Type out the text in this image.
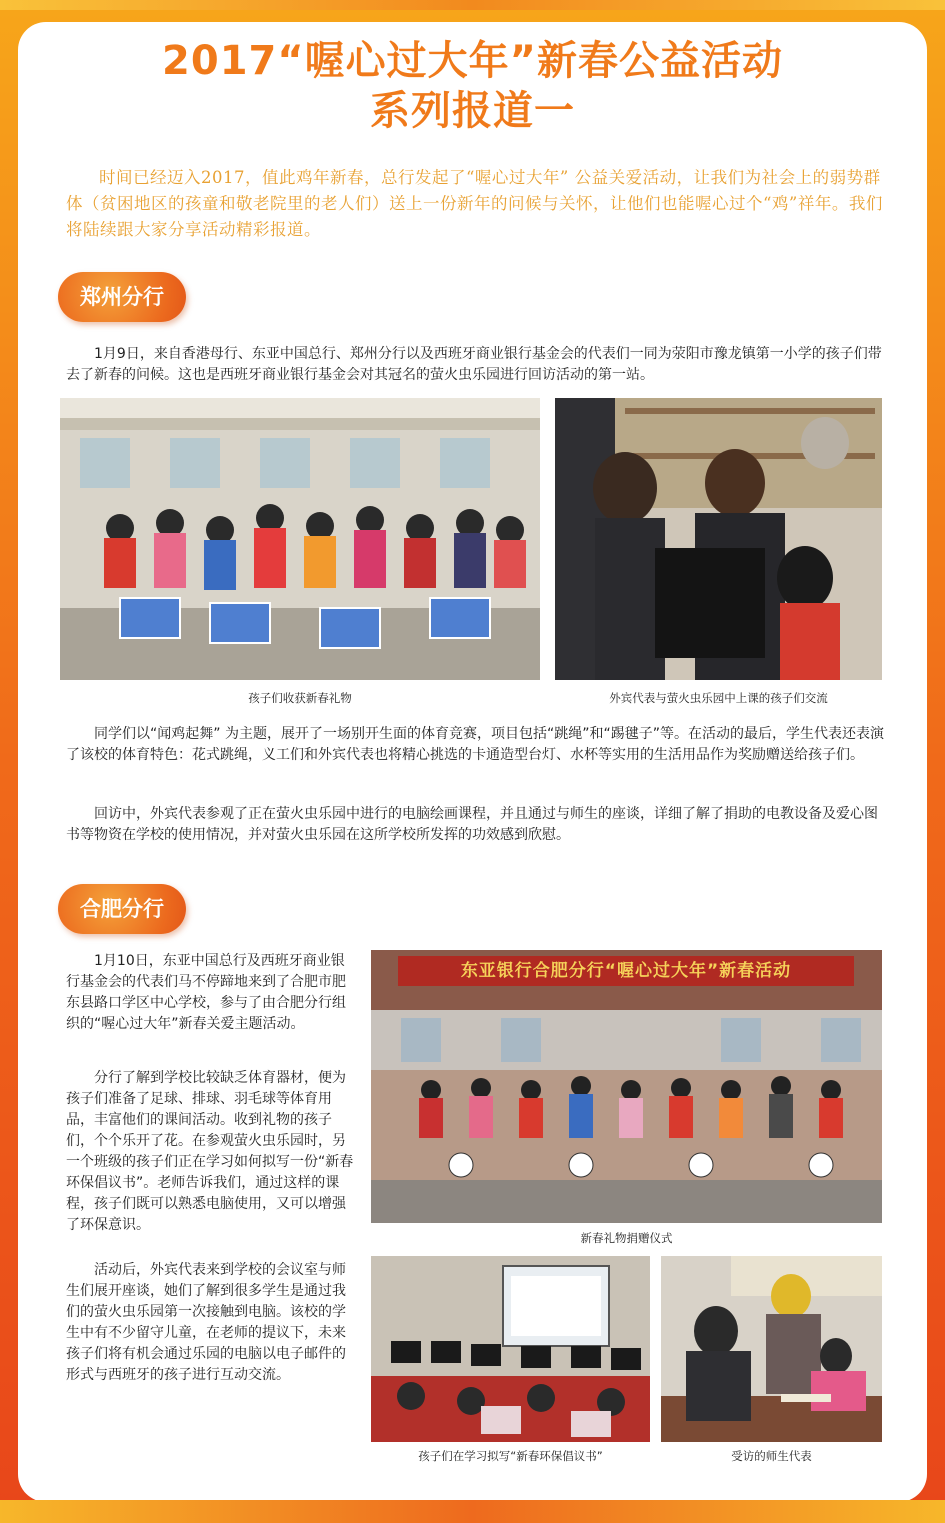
2017“喔心过大年”新春公益活动
系列报道一
时间已经迈入2017，值此鸡年新春，总行发起了“喔心过大年” 公益关爱活动，让我们为社会上的弱势群体（贫困地区的孩童和敬老院里的老人们）送上一份新年的问候与关怀，让他们也能喔心过个“鸡”祥年。我们将陆续跟大家分享活动精彩报道。
郑州分行
1月9日，来自香港母行、东亚中国总行、郑州分行以及西班牙商业银行基金会的代表们一同为荥阳市豫龙镇第一小学的孩子们带去了新春的问候。这也是西班牙商业银行基金会对其冠名的萤火虫乐园进行回访活动的第一站。
孩子们收获新春礼物	外宾代表与萤火虫乐园中上课的孩子们交流
同学们以“闻鸡起舞” 为主题，展开了一场别开生面的体育竞赛，项目包括“跳绳”和“踢毽子”等。在活动的最后，学生代表还表演了该校的体育特色：花式跳绳，义工们和外宾代表也将精心挑选的卡通造型台灯、水杯等实用的生活用品作为奖励赠送给孩子们。
回访中，外宾代表参观了正在萤火虫乐园中进行的电脑绘画课程，并且通过与师生的座谈，详细了解了捐助的电教设备及爱心图书等物资在学校的使用情况，并对萤火虫乐园在这所学校所发挥的功效感到欣慰。
合肥分行
1月10日，东亚中国总行及西班牙商业银行基金会的代表们马不停蹄地来到了合肥市肥东县路口学区中心学校，参与了由合肥分行组织的“喔心过大年”新春关爱主题活动。
分行了解到学校比较缺乏体育器材，便为孩子们准备了足球、排球、羽毛球等体育用品，丰富他们的课间活动。收到礼物的孩子们，个个乐开了花。在参观萤火虫乐园时，另一个班级的孩子们正在学习如何拟写一份“新春环保倡议书”。老师告诉我们，通过这样的课程，孩子们既可以熟悉电脑使用，又可以增强了环保意识。
活动后，外宾代表来到学校的会议室与师生们展开座谈，她们了解到很多学生是通过我们的萤火虫乐园第一次接触到电脑。该校的学生中有不少留守儿童，在老师的提议下，未来孩子们将有机会通过乐园的电脑以电子邮件的形式与西班牙的孩子进行互动交流。
东亚银行合肥分行“喔心过大年”新春活动
新春礼物捐赠仪式
孩子们在学习拟写“新春环保倡议书”	受访的师生代表
